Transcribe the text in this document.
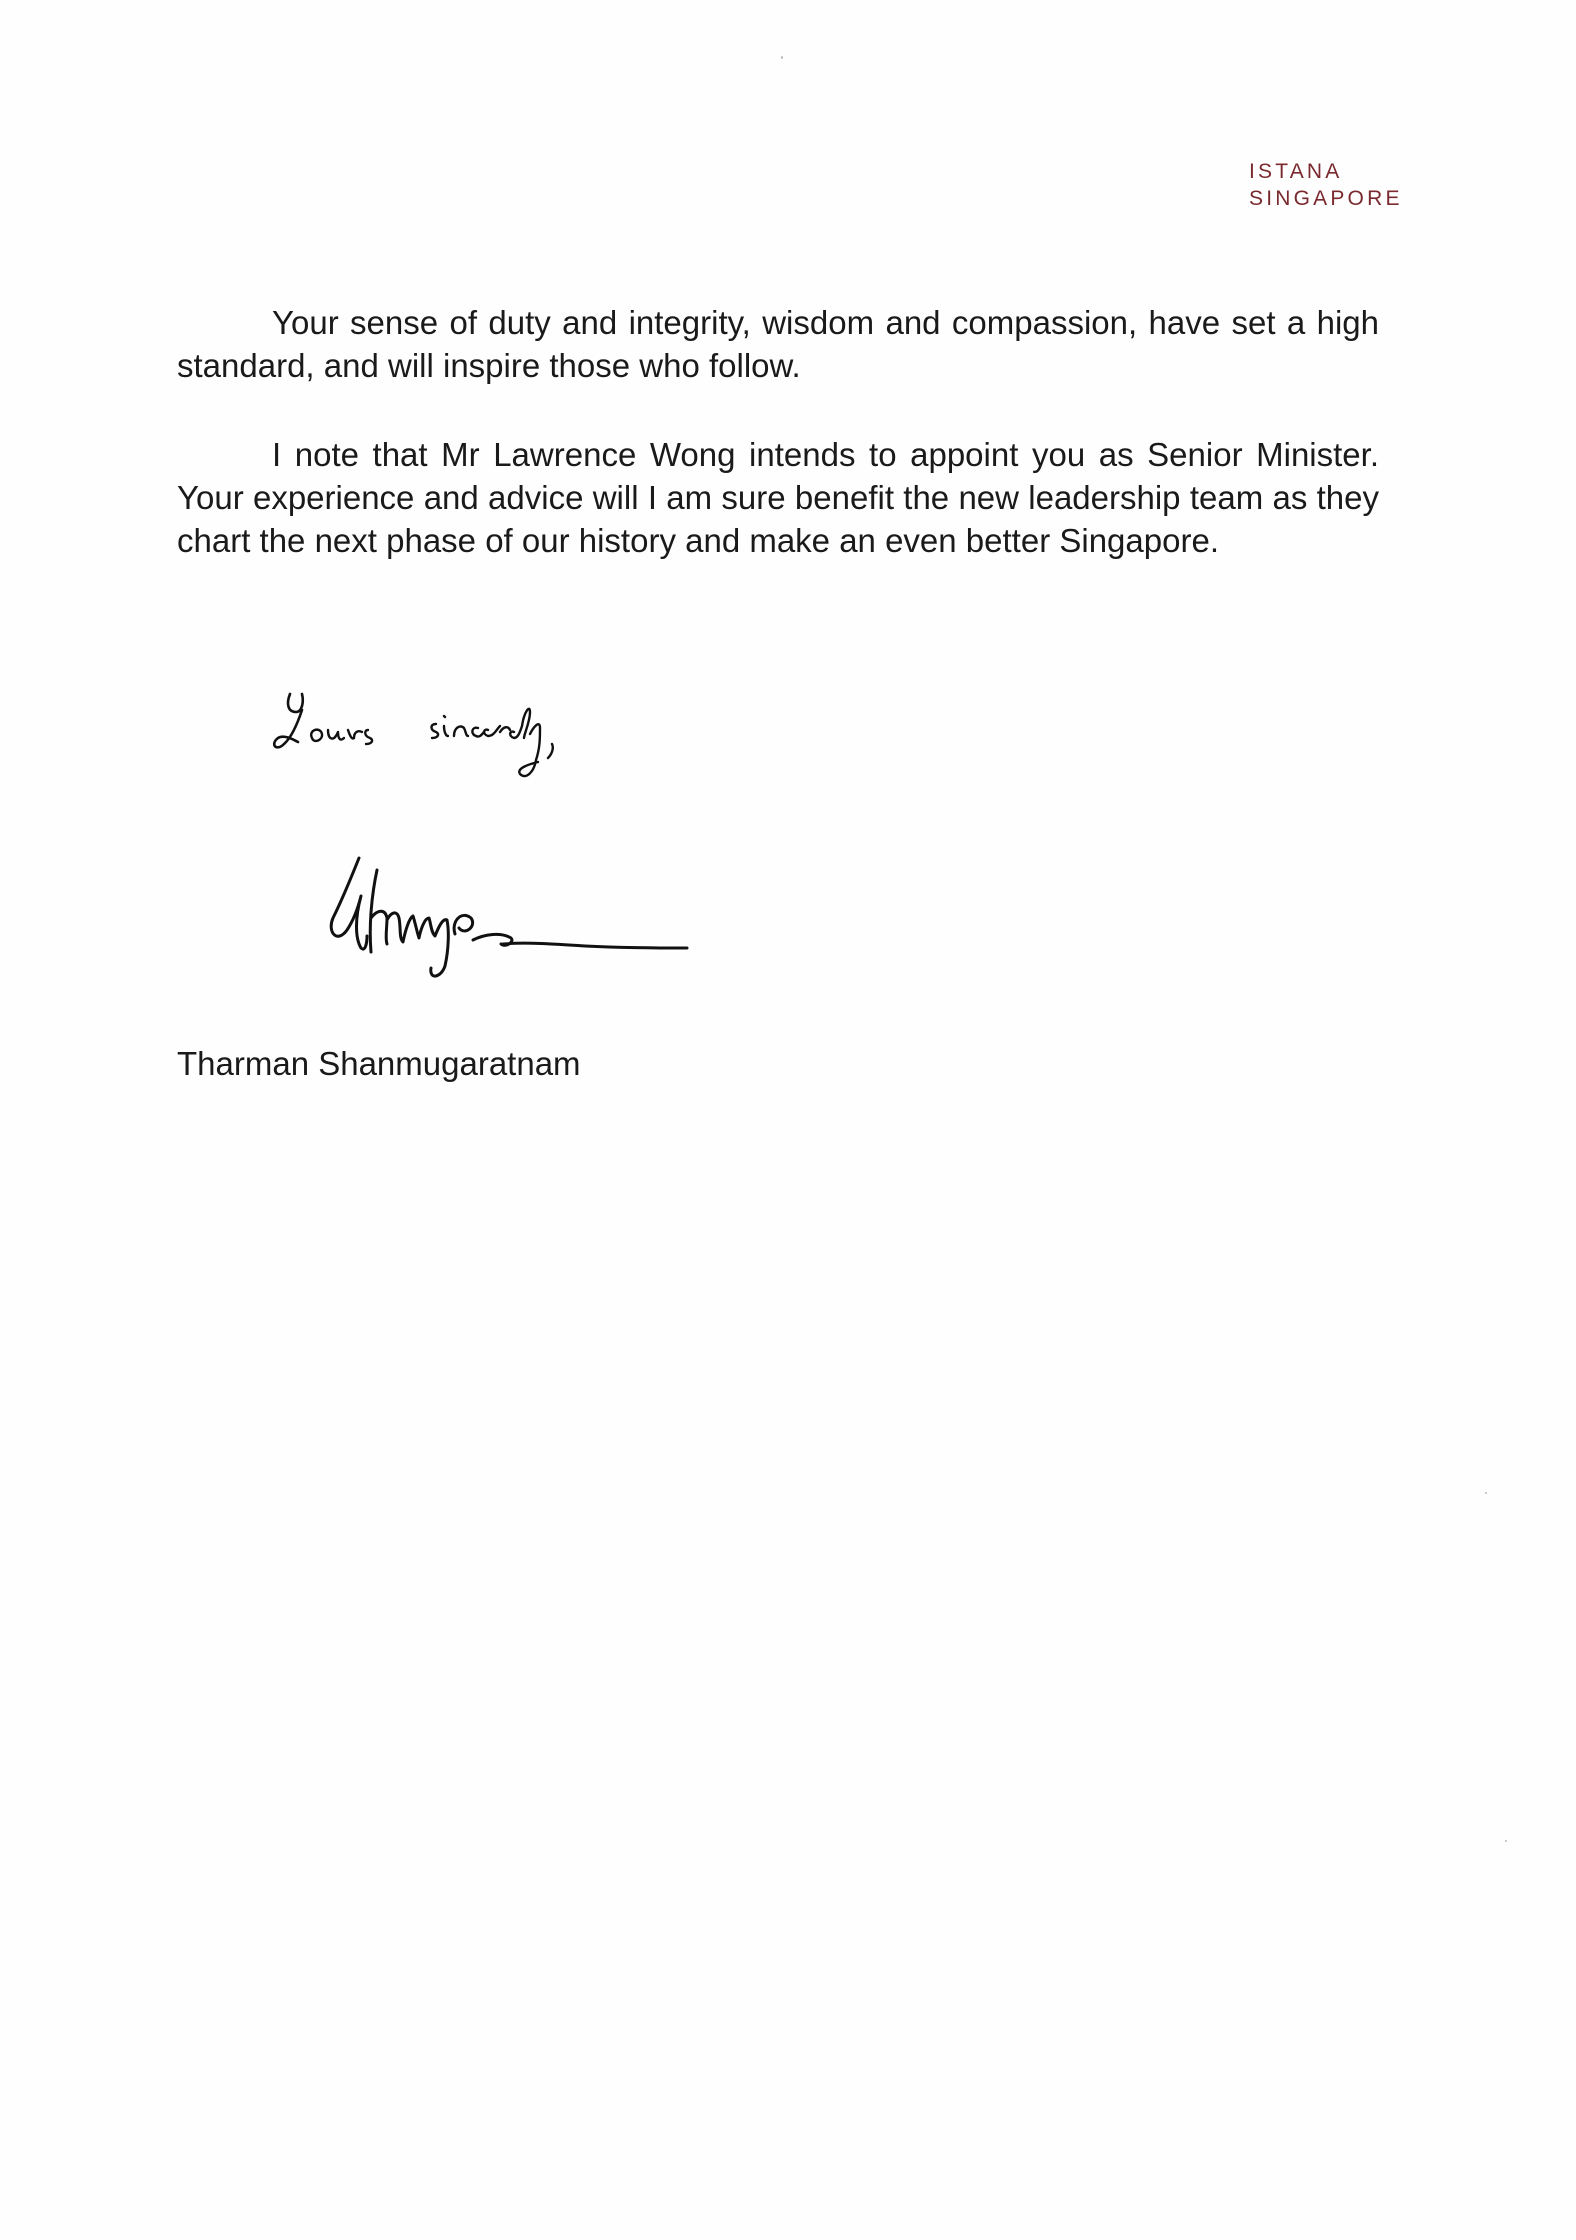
ISTANA
SINGAPORE

Your sense of duty and integrity, wisdom and compassion, have set a high standard, and will inspire those who follow.

I note that Mr Lawrence Wong intends to appoint you as Senior Minister. Your experience and advice will I am sure benefit the new leadership team as they chart the next phase of our history and make an even better Singapore.

Tharman Shanmugaratnam
